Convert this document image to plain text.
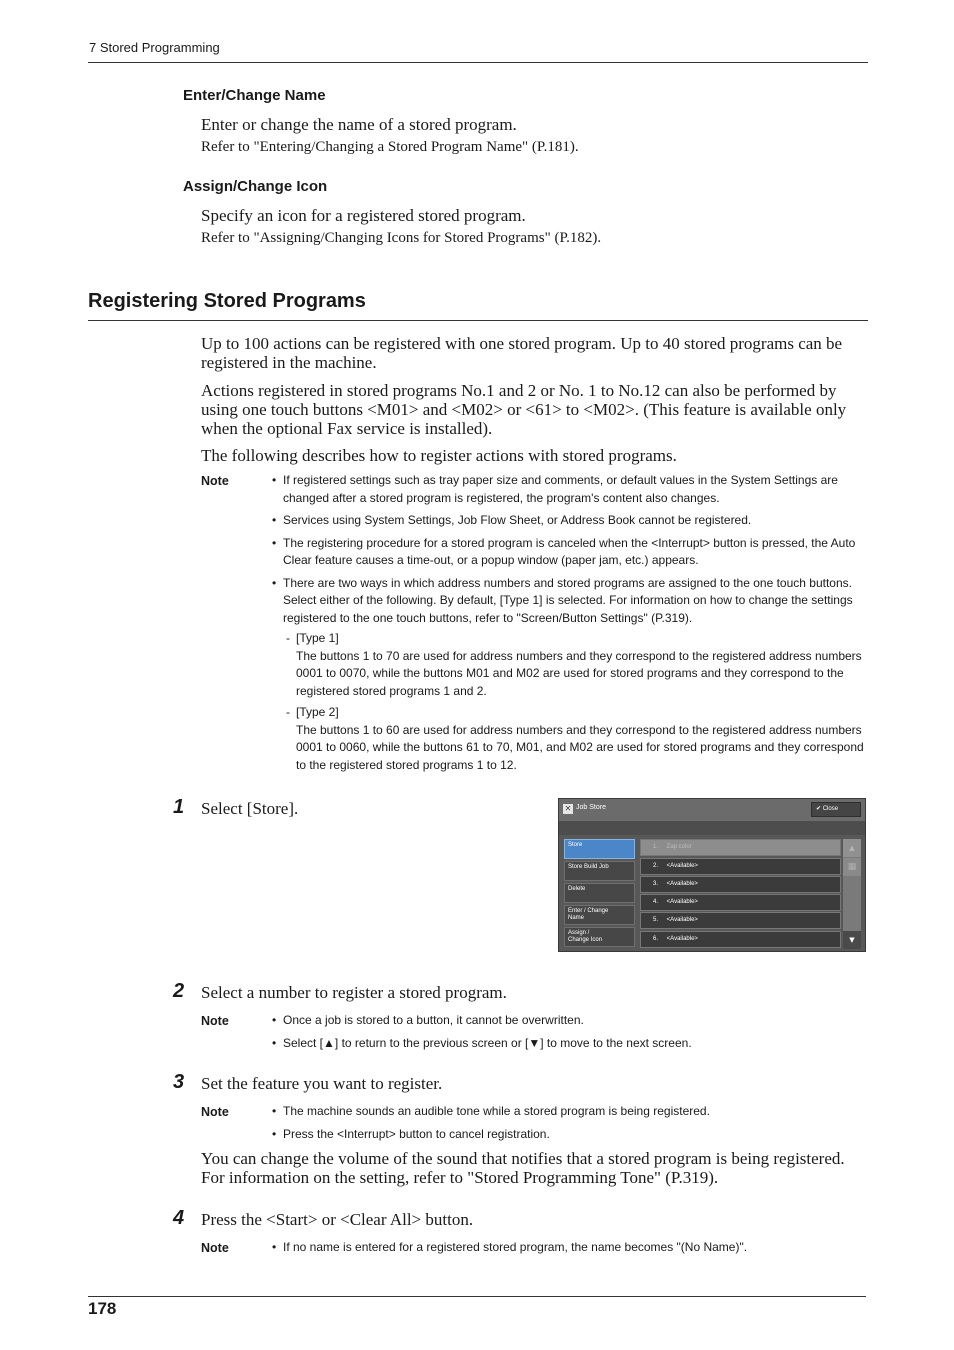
7 Stored Programming
Enter/Change Name
Enter or change the name of a stored program.
Refer to "Entering/Changing a Stored Program Name" (P.181).
Assign/Change Icon
Specify an icon for a registered stored program.
Refer to "Assigning/Changing Icons for Stored Programs" (P.182).
Registering Stored Programs
Up to 100 actions can be registered with one stored program. Up to 40 stored programs can be registered in the machine.
Actions registered in stored programs No.1 and 2 or No. 1 to No.12 can also be performed by using one touch buttons <M01> and <M02> or <61> to <M02>. (This feature is available only when the optional Fax service is installed).
The following describes how to register actions with stored programs.
Note	• If registered settings such as tray paper size and comments, or default values in the System Settings are changed after a stored program is registered, the program's content also changes.
• Services using System Settings, Job Flow Sheet, or Address Book cannot be registered.
• The registering procedure for a stored program is canceled when the <Interrupt> button is pressed, the Auto Clear feature causes a time-out, or a popup window (paper jam, etc.) appears.
• There are two ways in which address numbers and stored programs are assigned to the one touch buttons. Select either of the following. By default, [Type 1] is selected. For information on how to change the settings registered to the one touch buttons, refer to "Screen/Button Settings" (P.319).
- [Type 1]
The buttons 1 to 70 are used for address numbers and they correspond to the registered address numbers 0001 to 0070, while the buttons M01 and M02 are used for stored programs and they correspond to the registered stored programs 1 and 2.
- [Type 2]
The buttons 1 to 60 are used for address numbers and they correspond to the registered address numbers 0001 to 0060, while the buttons 61 to 70, M01, and M02 are used for stored programs and they correspond to the registered stored programs 1 to 12.
1 Select [Store].	✕ Job Store	✔ Close
Store
Store Build Job
Delete
Enter / Change
Name
Assign /
Change Icon
1. Zap color
2. <Available>
3. <Available>
4. <Available>
5. <Available>
6. <Available>
▲
▦
▼
2 Select a number to register a stored program.
Note	• Once a job is stored to a button, it cannot be overwritten.
• Select [▲] to return to the previous screen or [▼] to move to the next screen.
3 Set the feature you want to register.
Note	• The machine sounds an audible tone while a stored program is being registered.
• Press the <Interrupt> button to cancel registration.
You can change the volume of the sound that notifies that a stored program is being registered. For information on the setting, refer to "Stored Programming Tone" (P.319).
4 Press the <Start> or <Clear All> button.
Note	• If no name is entered for a registered stored program, the name becomes "(No Name)".
178
